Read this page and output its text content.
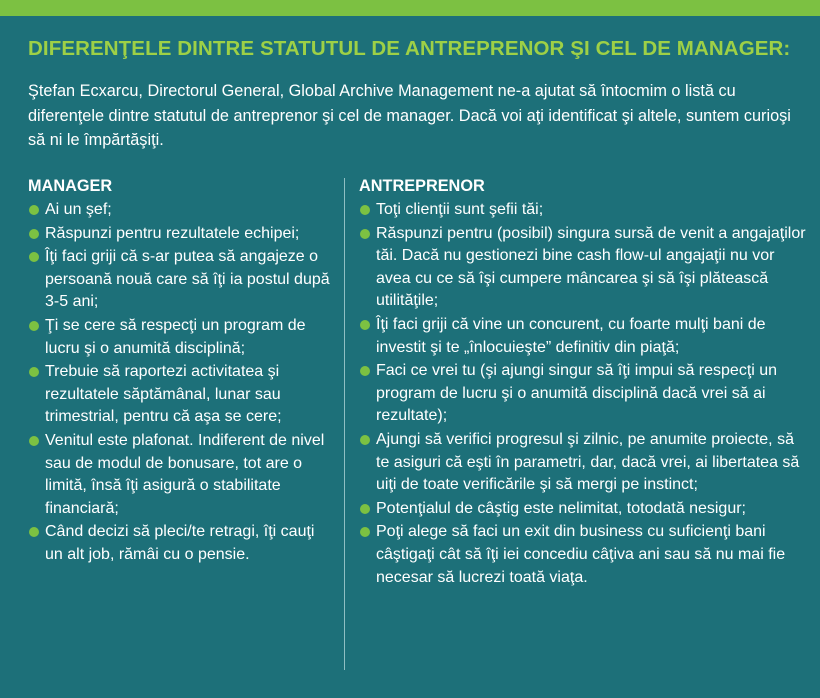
DIFERENŢELE DINTRE STATUTUL DE ANTREPRENOR ŞI CEL DE MANAGER:
Ştefan Ecxarcu, Directorul General, Global Archive Management ne-a ajutat să întocmim o listă cu diferenţele dintre statutul de antreprenor şi cel de manager. Dacă voi aţi identificat şi altele, suntem curioşi să ni le împărtăşiţi.
MANAGER
Ai un şef;
Răspunzi pentru rezultatele echipei;
Îţi faci griji că s-ar putea să angajeze o persoană nouă care să îţi ia postul după 3-5 ani;
Ţi se cere să respecţi un program de lucru şi o anumită disciplină;
Trebuie să raportezi activitatea şi rezultatele săptămânal, lunar sau trimestrial, pentru că aşa se cere;
Venitul este plafonat. Indiferent de nivel sau de modul de bonusare, tot are o limită, însă îţi asigură o stabilitate financiară;
Când decizi să pleci/te retragi, îţi cauţi un alt job, rămâi cu o pensie.
ANTREPRENOR
Toţi clienţii sunt şefii tăi;
Răspunzi pentru (posibil) singura sursă de venit a angajaţilor tăi. Dacă nu gestionezi bine cash flow-ul angajaţii nu vor avea cu ce să îşi cumpere mâncarea şi să îşi plătească utilităţile;
Îţi faci griji că vine un concurent, cu foarte mulţi bani de investit şi te „înlocuieşte” definitiv din piaţă;
Faci ce vrei tu (şi ajungi singur să îţi impui să respecţi un program de lucru şi o anumită disciplină dacă vrei să ai rezultate);
Ajungi să verifici progresul şi zilnic, pe anumite proiecte, să te asiguri că eşti în parametri, dar, dacă vrei, ai libertatea să uiţi de toate verificările şi să mergi pe instinct;
Potenţialul de câştig este nelimitat, totodată nesigur;
Poţi alege să faci un exit din business cu suficienţi bani câştigaţi cât să îţi iei concediu câţiva ani sau să nu mai fie necesar să lucrezi toată viaţa.
